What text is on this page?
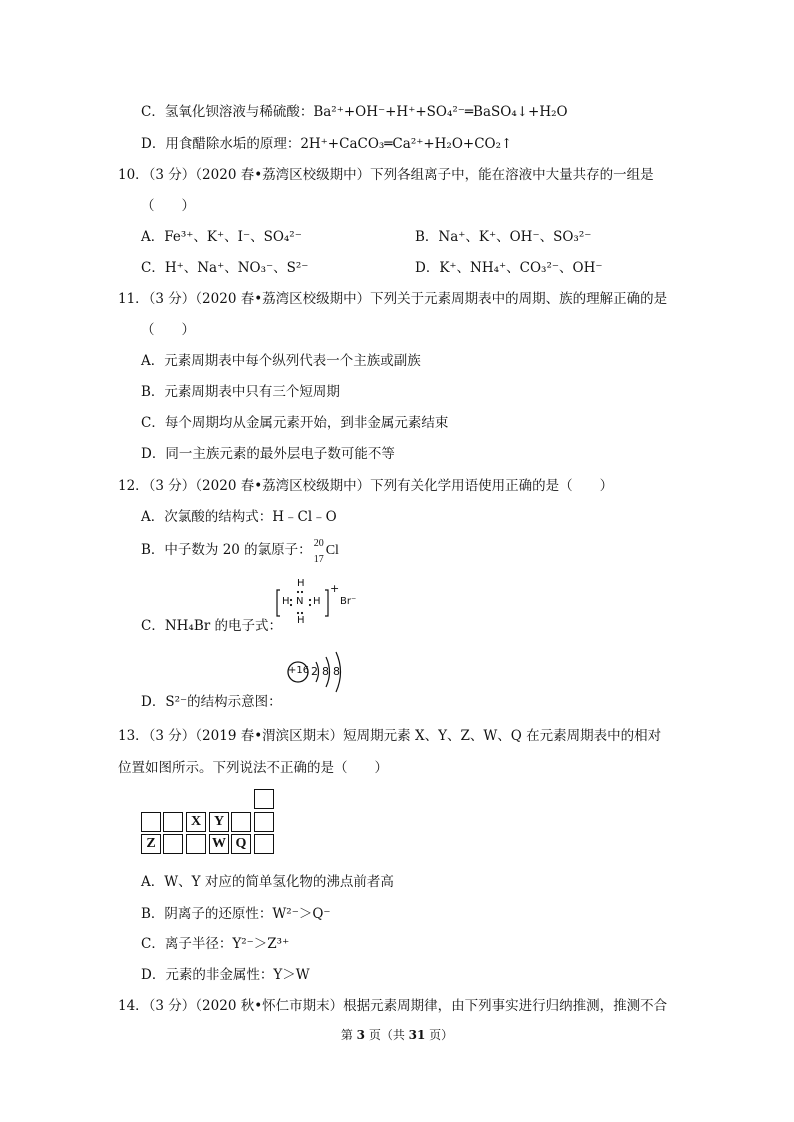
C．氢氧化钡溶液与稀硫酸：Ba²⁺+OH⁻+H⁺+SO₄²⁻═BaSO₄↓+H₂O
D．用食醋除水垢的原理：2H⁺+CaCO₃═Ca²⁺+H₂O+CO₂↑
10．（3 分）（2020 春•荔湾区校级期中）下列各组离子中，能在溶液中大量共存的一组是
（　　）
A．Fe³⁺、K⁺、I⁻、SO₄²⁻	B．Na⁺、K⁺、OH⁻、SO₃²⁻
C．H⁺、Na⁺、NO₃⁻、S²⁻	D．K⁺、NH₄⁺、CO₃²⁻、OH⁻
11．（3 分）（2020 春•荔湾区校级期中）下列关于元素周期表中的周期、族的理解正确的是
（　　）
A．元素周期表中每个纵列代表一个主族或副族
B．元素周期表中只有三个短周期
C．每个周期均从金属元素开始，到非金属元素结束
D．同一主族元素的最外层电子数可能不等
12．（3 分）（2020 春•荔湾区校级期中）下列有关化学用语使用正确的是（　　）
A．次氯酸的结构式：H﹣Cl﹣O
B．中子数为 20 的氯原子： 20
17
Cl
H
H N H
H
+
Br⁻
C．NH₄Br 的电子式：
+16 2 8 8
D．S²⁻的结构示意图：
13．（3 分）（2019 春•渭滨区期末）短周期元素 X、Y、Z、W、Q 在元素周期表中的相对
位置如图所示。下列说法不正确的是（　　）
X Y
Z	W Q
A．W、Y 对应的简单氢化物的沸点前者高
B．阴离子的还原性：W²⁻＞Q⁻
C．离子半径：Y²⁻＞Z³⁺
D．元素的非金属性：Y＞W
14．（3 分）（2020 秋•怀仁市期末）根据元素周期律，由下列事实进行归纳推测，推测不合
第 3 页（共 31 页）
